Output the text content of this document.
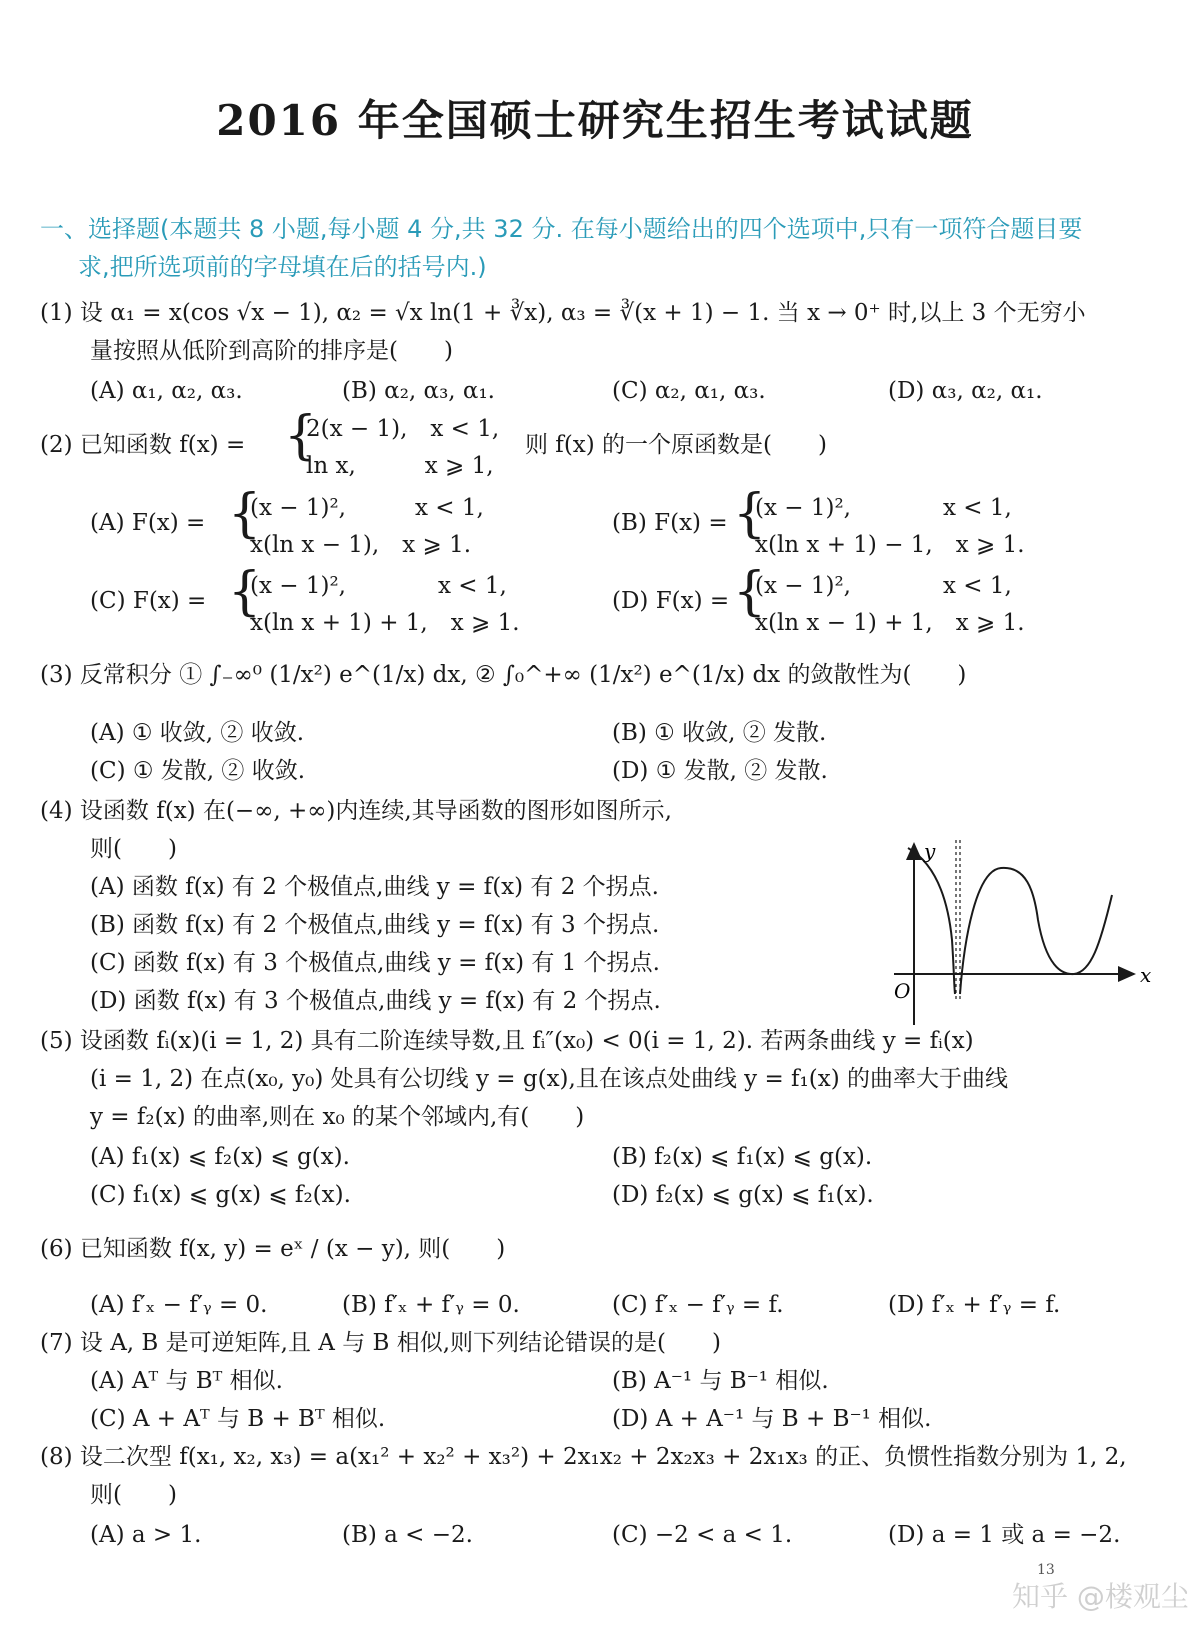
2016 年全国硕士研究生招生考试试题
一、选择题(本题共 8 小题,每小题 4 分,共 32 分. 在每小题给出的四个选项中,只有一项符合题目要
求,把所选项前的字母填在后的括号内.)
(1) 设 α₁ = x(cos √x − 1), α₂ = √x ln(1 + ∛x), α₃ = ∛(x + 1) − 1. 当 x → 0⁺ 时,以上 3 个无穷小
量按照从低阶到高阶的排序是(　　)
(A) α₁, α₂, α₃.	(B) α₂, α₃, α₁.	(C) α₂, α₁, α₃.	(D) α₃, α₂, α₁.
(2) 已知函数 f(x) = {
2(x − 1),　x < 1,
ln x,　　　x ⩾ 1,
则 f(x) 的一个原函数是(　　)
(A) F(x) = {
(x − 1)²,　　　x < 1,
x(ln x − 1),　x ⩾ 1.
(B) F(x) = {
(x − 1)²,　　　　x < 1,
x(ln x + 1) − 1,　x ⩾ 1.
(C) F(x) = {
(x − 1)²,　　　　x < 1,
x(ln x + 1) + 1,　x ⩾ 1.
(D) F(x) = {
(x − 1)²,　　　　x < 1,
x(ln x − 1) + 1,　x ⩾ 1.
(3) 反常积分 ① ∫₋∞⁰ (1/x²) e^(1/x) dx, ② ∫₀^+∞ (1/x²) e^(1/x) dx 的敛散性为(　　)
(A) ① 收敛, ② 收敛.	(B) ① 收敛, ② 发散.
(C) ① 发散, ② 收敛.	(D) ① 发散, ② 发散.
(4) 设函数 f(x) 在(−∞, +∞)内连续,其导函数的图形如图所示,
则(　　)
(A) 函数 f(x) 有 2 个极值点,曲线 y = f(x) 有 2 个拐点.
(B) 函数 f(x) 有 2 个极值点,曲线 y = f(x) 有 3 个拐点.
(C) 函数 f(x) 有 3 个极值点,曲线 y = f(x) 有 1 个拐点.
(D) 函数 f(x) 有 3 个极值点,曲线 y = f(x) 有 2 个拐点.
y
x
O
(5) 设函数 fᵢ(x)(i = 1, 2) 具有二阶连续导数,且 fᵢ″(x₀) < 0(i = 1, 2). 若两条曲线 y = fᵢ(x)
(i = 1, 2) 在点(x₀, y₀) 处具有公切线 y = g(x),且在该点处曲线 y = f₁(x) 的曲率大于曲线
y = f₂(x) 的曲率,则在 x₀ 的某个邻域内,有(　　)
(A) f₁(x) ⩽ f₂(x) ⩽ g(x).	(B) f₂(x) ⩽ f₁(x) ⩽ g(x).
(C) f₁(x) ⩽ g(x) ⩽ f₂(x).	(D) f₂(x) ⩽ g(x) ⩽ f₁(x).
(6) 已知函数 f(x, y) = eˣ / (x − y), 则(　　)
(A) f′ₓ − f′ᵧ = 0.	(B) f′ₓ + f′ᵧ = 0.	(C) f′ₓ − f′ᵧ = f.	(D) f′ₓ + f′ᵧ = f.
(7) 设 A, B 是可逆矩阵,且 A 与 B 相似,则下列结论错误的是(　　)
(A) Aᵀ 与 Bᵀ 相似.	(B) A⁻¹ 与 B⁻¹ 相似.
(C) A + Aᵀ 与 B + Bᵀ 相似.	(D) A + A⁻¹ 与 B + B⁻¹ 相似.
(8) 设二次型 f(x₁, x₂, x₃) = a(x₁² + x₂² + x₃²) + 2x₁x₂ + 2x₂x₃ + 2x₁x₃ 的正、负惯性指数分别为 1, 2,
则(　　)
(A) a > 1.	(B) a < −2.	(C) −2 < a < 1.	(D) a = 1 或 a = −2.
13
知乎 @楼观尘
